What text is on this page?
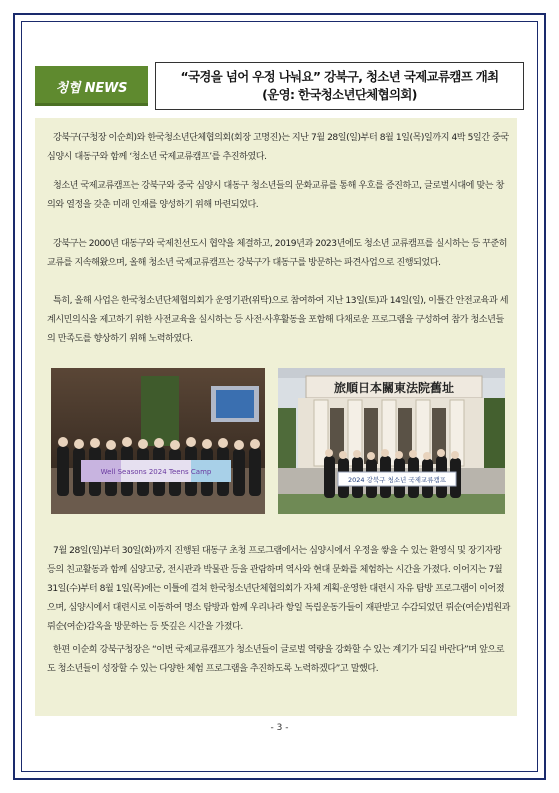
청협 NEWS
“국경을 넘어 우정 나눠요” 강북구, 청소년 국제교류캠프 개최
(운영: 한국청소년단체협의회)

강북구(구청장 이순희)와 한국청소년단체협의회(회장 고명진)는 지난 7월 28일(일)부터 8월 1일(목)일까지 4박 5일간 중국 심양시 대동구와 함께 ‘청소년 국제교류캠프’를 추진하였다.

청소년 국제교류캠프는 강북구와 중국 심양시 대동구 청소년들의 문화교류를 통해 우호를 증진하고, 글로벌시대에 맞는 창의와 열정을 갖춘 미래 인재를 양성하기 위해 마련되었다.

강북구는 2000년 대동구와 국제친선도시 협약을 체결하고, 2019년과 2023년에도 청소년 교류캠프를 실시하는 등 꾸준히 교류를 지속해왔으며, 올해 청소년 국제교류캠프는 강북구가 대동구를 방문하는 파견사업으로 진행되었다.

특히, 올해 사업은 한국청소년단체협의회가 운영기관(위탁)으로 참여하여 지난 13일(토)과 14일(일), 이틀간 안전교육과 세계시민의식을 제고하기 위한 사전교육을 실시하는 등 사전·사후활동을 포함해 다채로운 프로그램을 구성하여 참가 청소년들의 만족도를 향상하기 위해 노력하였다.

Well Seasons 2024 Teens Camp
旅順日本關東法院舊址
2024 강북구 청소년 국제교류캠프

7월 28일(일)부터 30일(화)까지 진행된 대동구 초청 프로그램에서는 심양시에서 우정을 쌓을 수 있는 환영식 및 장기자랑 등의 친교활동과 함께 심양고궁, 전시관과 박물관 등을 관람하며 역사와 현대 문화를 체험하는 시간을 가졌다. 이어지는 7월 31일(수)부터 8월 1일(목)에는 이틀에 걸쳐 한국청소년단체협의회가 자체 계획·운영한 대련시 자유 탐방 프로그램이 이어졌으며, 심양시에서 대련시로 이동하여 명소 탐방과 함께 우리나라 항일 독립운동가들이 재판받고 수감되었던 뤼순(여순)법원과 뤼순(여순)감옥을 방문하는 등 뜻깊은 시간을 가졌다.

한편 이순희 강북구청장은 “이번 국제교류캠프가 청소년들이 글로벌 역량을 강화할 수 있는 계기가 되길 바란다”며 앞으로도 청소년들이 성장할 수 있는 다양한 체험 프로그램을 추진하도록 노력하겠다”고 말했다.

- 3 -
